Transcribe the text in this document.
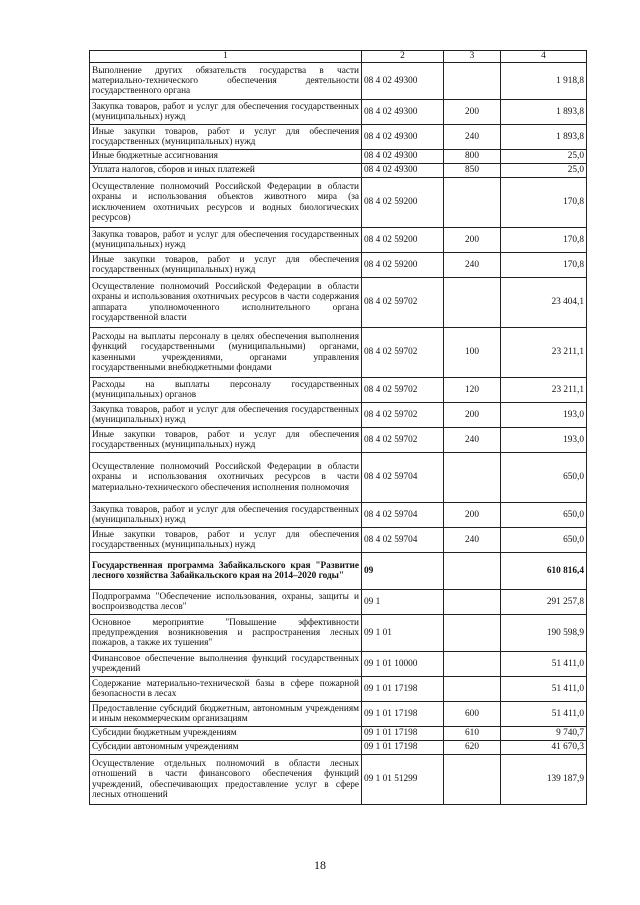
1	2	3	4
Выполнение других обязательств государства в части материально-технического обеспечения деятельности государственного органа	08 4 02 49300		1 918,8
Закупка товаров, работ и услуг для обеспечения государственных (муниципальных) нужд	08 4 02 49300	200	1 893,8
Иные закупки товаров, работ и услуг для обеспечения государственных (муниципальных) нужд	08 4 02 49300	240	1 893,8
Иные бюджетные ассигнования	08 4 02 49300	800	25,0
Уплата налогов, сборов и иных платежей	08 4 02 49300	850	25,0
Осуществление полномочий Российской Федерации в области охраны и использования объектов животного мира (за исключением охотничьих ресурсов и водных биологических ресурсов)	08 4 02 59200		170,8
Закупка товаров, работ и услуг для обеспечения государственных (муниципальных) нужд	08 4 02 59200	200	170,8
Иные закупки товаров, работ и услуг для обеспечения государственных (муниципальных) нужд	08 4 02 59200	240	170,8
Осуществление полномочий Российской Федерации в области охраны и использования охотничьих ресурсов в части содержания аппарата уполномоченного исполнительного органа государственной власти	08 4 02 59702		23 404,1
Расходы на выплаты персоналу в целях обеспечения выполнения функций государственными (муниципальными) органами, казенными учреждениями, органами управления государственными внебюджетными фондами	08 4 02 59702	100	23 211,1
Расходы на выплаты персоналу государственных (муниципальных) органов	08 4 02 59702	120	23 211,1
Закупка товаров, работ и услуг для обеспечения государственных (муниципальных) нужд	08 4 02 59702	200	193,0
Иные закупки товаров, работ и услуг для обеспечения государственных (муниципальных) нужд	08 4 02 59702	240	193,0
Осуществление полномочий Российской Федерации в области охраны и использования охотничьих ресурсов в части материально-технического обеспечения исполнения полномочия	08 4 02 59704		650,0
Закупка товаров, работ и услуг для обеспечения государственных (муниципальных) нужд	08 4 02 59704	200	650,0
Иные закупки товаров, работ и услуг для обеспечения государственных (муниципальных) нужд	08 4 02 59704	240	650,0
Государственная программа Забайкальского края "Развитие лесного хозяйства Забайкальского края на 2014–2020 годы"	09		610 816,4
Подпрограмма "Обеспечение использования, охраны, защиты и воспроизводства лесов"	09 1		291 257,8
Основное мероприятие "Повышение эффективности предупреждения возникновения и распространения лесных пожаров, а также их тушения"	09 1 01		190 598,9
Финансовое обеспечение выполнения функций государственных учреждений	09 1 01 10000		51 411,0
Содержание материально-технической базы в сфере пожарной безопасности в лесах	09 1 01 17198		51 411,0
Предоставление субсидий бюджетным, автономным учреждениям и иным некоммерческим организациям	09 1 01 17198	600	51 411,0
Субсидии бюджетным учреждениям	09 1 01 17198	610	9 740,7
Субсидии автономным учреждениям	09 1 01 17198	620	41 670,3
Осуществление отдельных полномочий в области лесных отношений в части финансового обеспечения функций учреждений, обеспечивающих предоставление услуг в сфере лесных отношений	09 1 01 51299		139 187,9
18
